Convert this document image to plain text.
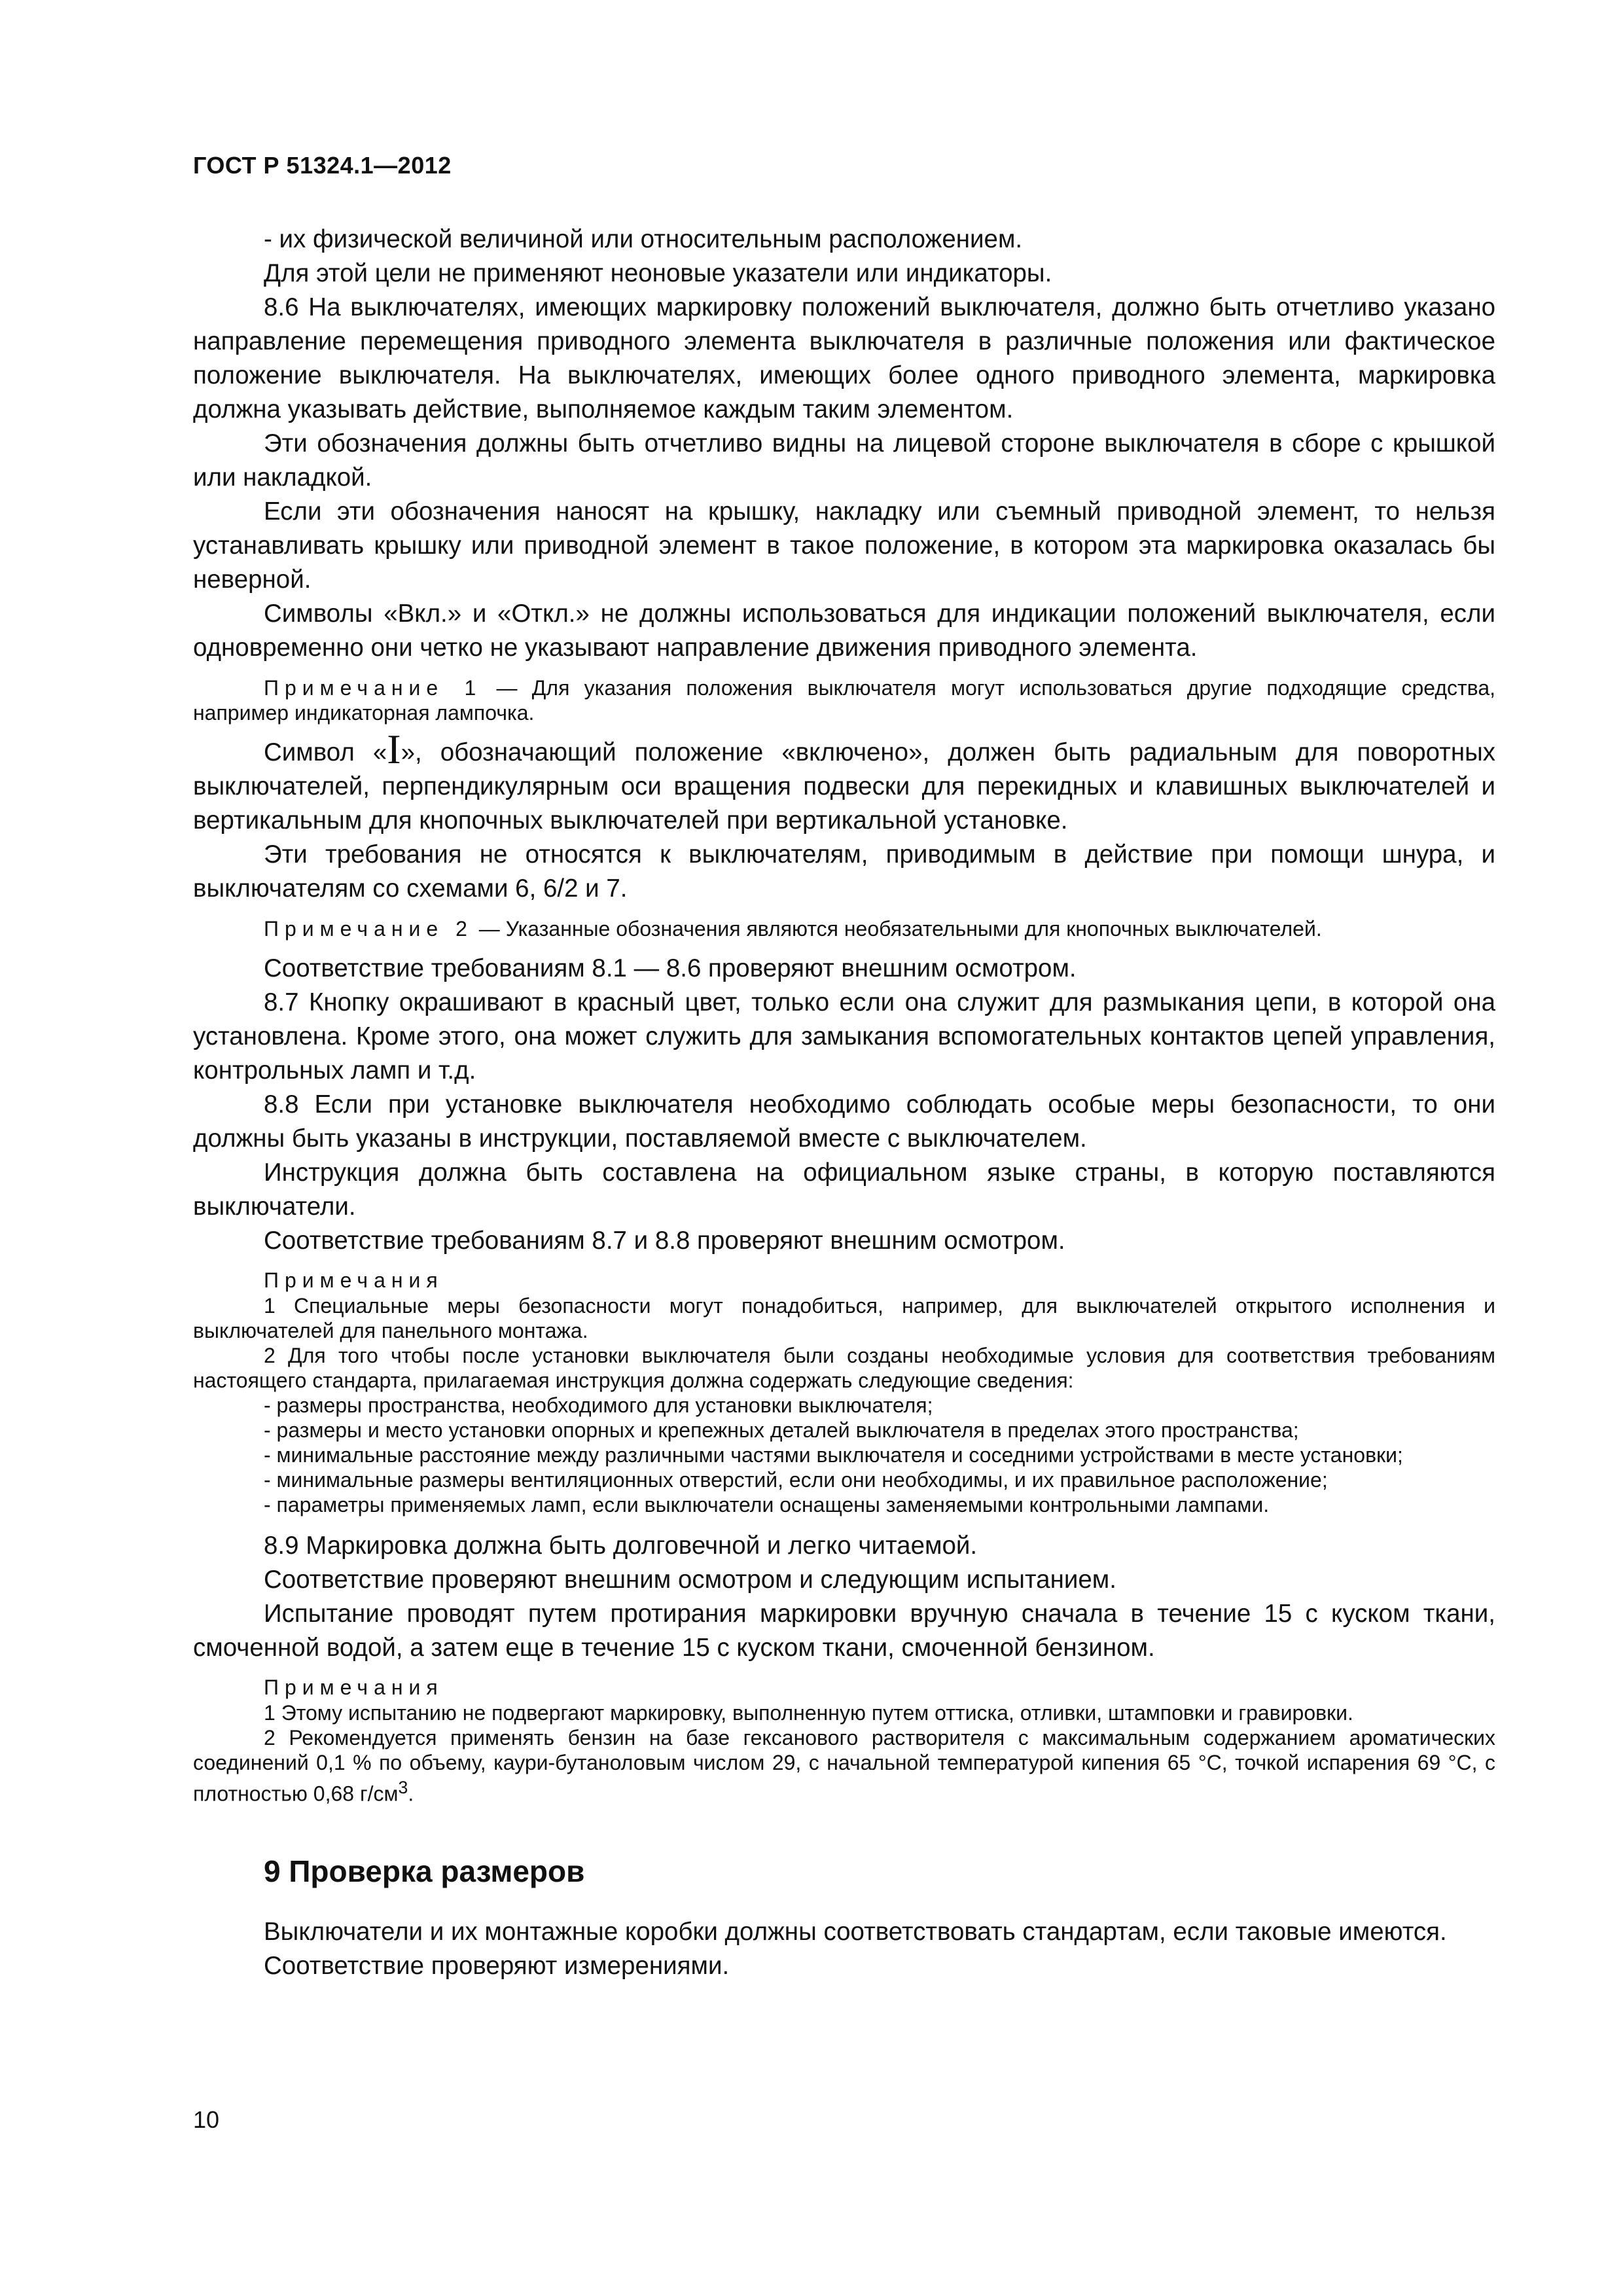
ГОСТ Р 51324.1—2012

- их физической величиной или относительным расположением.

Для этой цели не применяют неоновые указатели или индикаторы.

8.6 На выключателях, имеющих маркировку положений выключателя, должно быть отчетливо указано направление перемещения приводного элемента выключателя в различные положения или фактическое положение выключателя. На выключателях, имеющих более одного приводного элемента, маркировка должна указывать действие, выполняемое каждым таким элементом.

Эти обозначения должны быть отчетливо видны на лицевой стороне выключателя в сборе с крышкой или накладкой.

Если эти обозначения наносят на крышку, накладку или съемный приводной элемент, то нельзя устанавливать крышку или приводной элемент в такое положение, в котором эта маркировка оказалась бы неверной.

Символы «Вкл.» и «Откл.» не должны использоваться для индикации положений выключателя, если одновременно они четко не указывают направление движения приводного элемента.

Примечание 1 — Для указания положения выключателя могут использоваться другие подходящие средства, например индикаторная лампочка.

Символ «I», обозначающий положение «включено», должен быть радиальным для поворотных выключателей, перпендикулярным оси вращения подвески для перекидных и клавишных выключателей и вертикальным для кнопочных выключателей при вертикальной установке.

Эти требования не относятся к выключателям, приводимым в действие при помощи шнура, и выключателям со схемами 6, 6/2 и 7.

Примечание 2 — Указанные обозначения являются необязательными для кнопочных выключателей.

Соответствие требованиям 8.1 — 8.6 проверяют внешним осмотром.

8.7 Кнопку окрашивают в красный цвет, только если она служит для размыкания цепи, в которой она установлена. Кроме этого, она может служить для замыкания вспомогательных контактов цепей управления, контрольных ламп и т.д.

8.8 Если при установке выключателя необходимо соблюдать особые меры безопасности, то они должны быть указаны в инструкции, поставляемой вместе с выключателем.

Инструкция должна быть составлена на официальном языке страны, в которую поставляются выключатели.

Соответствие требованиям 8.7 и 8.8 проверяют внешним осмотром.

Примечания

1 Специальные меры безопасности могут понадобиться, например, для выключателей открытого исполнения и выключателей для панельного монтажа.

2 Для того чтобы после установки выключателя были созданы необходимые условия для соответствия требованиям настоящего стандарта, прилагаемая инструкция должна содержать следующие сведения:

- размеры пространства, необходимого для установки выключателя;

- размеры и место установки опорных и крепежных деталей выключателя в пределах этого пространства;

- минимальные расстояние между различными частями выключателя и соседними устройствами в месте установки;

- минимальные размеры вентиляционных отверстий, если они необходимы, и их правильное расположение;

- параметры применяемых ламп, если выключатели оснащены заменяемыми контрольными лампами.

8.9 Маркировка должна быть долговечной и легко читаемой.

Соответствие проверяют внешним осмотром и следующим испытанием.

Испытание проводят путем протирания маркировки вручную сначала в течение 15 с куском ткани, смоченной водой, а затем еще в течение 15 с куском ткани, смоченной бензином.

Примечания

1 Этому испытанию не подвергают маркировку, выполненную путем оттиска, отливки, штамповки и гравировки.

2 Рекомендуется применять бензин на базе гексанового растворителя с максимальным содержанием ароматических соединений 0,1 % по объему, каури-бутаноловым числом 29, с начальной температурой кипения 65 °С, точкой испарения 69 °С, с плотностью 0,68 $г/см^3$.

9 Проверка размеров

Выключатели и их монтажные коробки должны соответствовать стандартам, если таковые имеются.

Соответствие проверяют измерениями.

10
